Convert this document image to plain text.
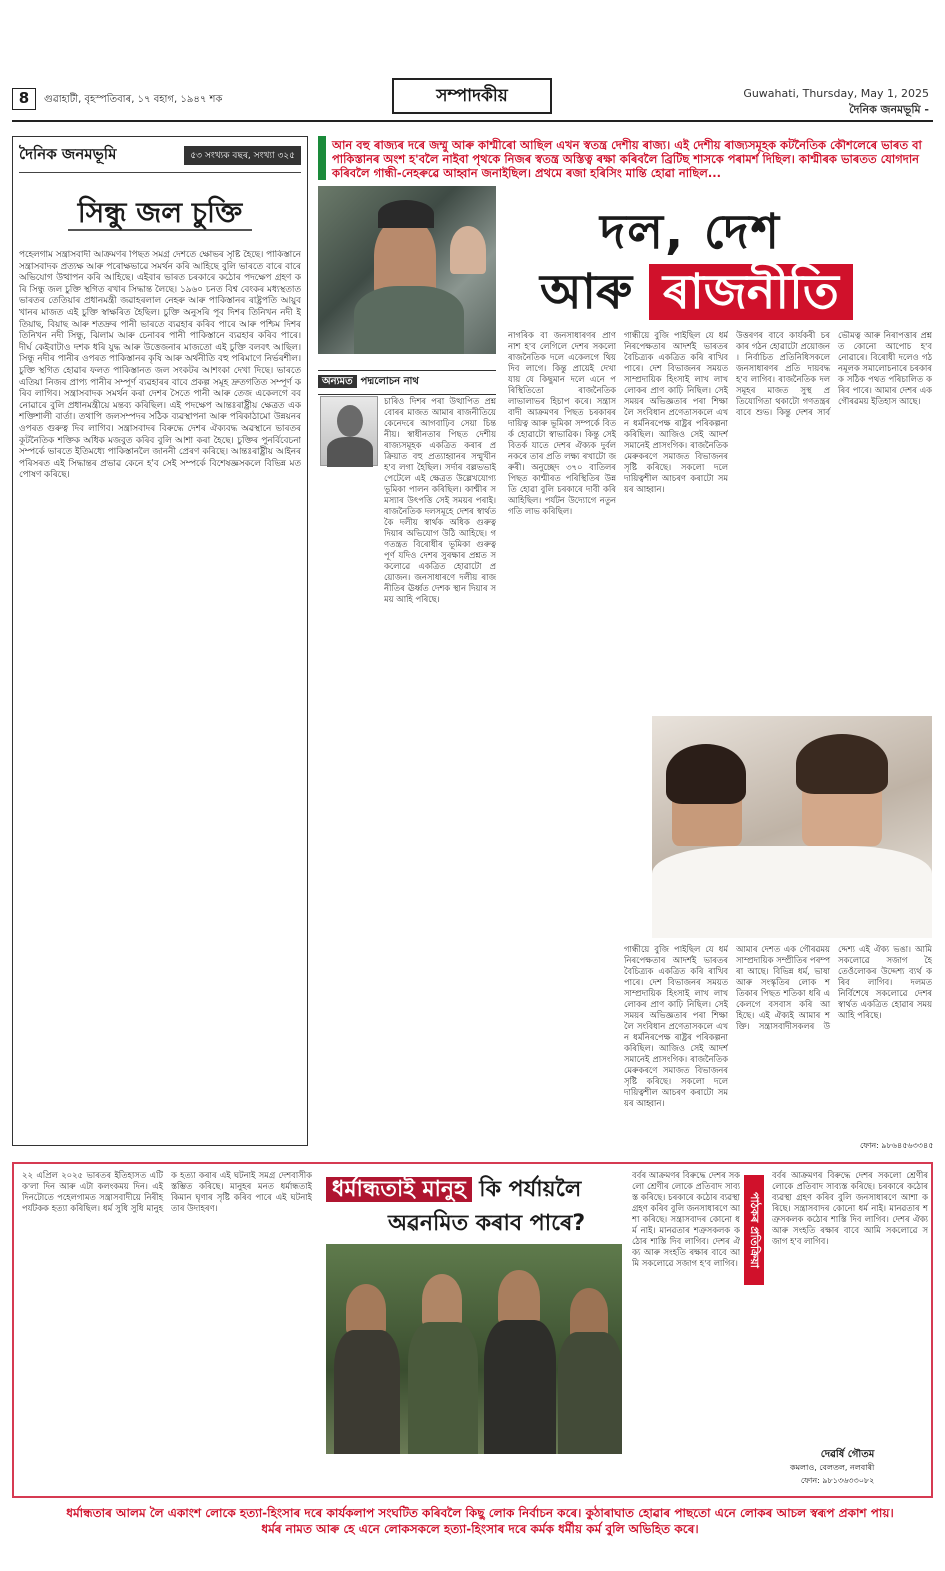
8	গুৱাহাটী, বৃহস্পতিবাৰ, ১৭ বহাগ, ১৯৪৭ শক	সম্পাদকীয়	Guwahati, Thursday, May 1, 2025
দৈনিক জনমভূমি -
দৈনিক জনমভূমি	৫৩ সংখ্যক বছৰ, সংখ্যা ৩২৫
সিন্ধু জল চুক্তি
পহেলগাম সন্ত্ৰাসবাদী আক্ৰমণৰ পিছত সমগ্ৰ দেশতে ক্ষোভৰ সৃষ্টি হৈছে। পাকিস্তানে সন্ত্ৰাসবাদক প্ৰত্যক্ষ আৰু পৰোক্ষভাৱে সমৰ্থন কৰি আহিছে বুলি ভাৰতে বাৰে বাৰে অভিযোগ উত্থাপন কৰি আহিছে। এইবাৰ ভাৰত চৰকাৰে কঠোৰ পদক্ষেপ গ্ৰহণ কৰি সিন্ধু জল চুক্তি স্থগিত ৰখাৰ সিদ্ধান্ত লৈছে। ১৯৬০ চনত বিশ্ব বেংকৰ মধ্যস্থতাত ভাৰতৰ তেতিয়াৰ প্ৰধানমন্ত্ৰী জৱাহৰলাল নেহৰু আৰু পাকিস্তানৰ ৰাষ্ট্ৰপতি আয়ুব খানৰ মাজত এই চুক্তি স্বাক্ষৰিত হৈছিল। চুক্তি অনুসৰি পূব দিশৰ তিনিখন নদী ইতিয়াছ, বিয়াছ আৰু শতদ্ৰুৰ পানী ভাৰতে ব্যৱহাৰ কৰিব পাৰে আৰু পশ্চিম দিশৰ তিনিখন নদী সিন্ধু, ঝিলাম আৰু চেনাবৰ পানী পাকিস্তানে ব্যৱহাৰ কৰিব পাৰে। দীৰ্ঘ কেইবাটাও দশক ধৰি যুদ্ধ আৰু উত্তেজনাৰ মাজতো এই চুক্তি বলবৎ আছিল। সিন্ধু নদীৰ পানীৰ ওপৰত পাকিস্তানৰ কৃষি আৰু অৰ্থনীতি বহু পৰিমাণে নিৰ্ভৰশীল। চুক্তি স্থগিত হোৱাৰ ফলত পাকিস্তানত জল সংকটৰ আশংকা দেখা দিছে। ভাৰতে এতিয়া নিজৰ প্ৰাপ্য পানীৰ সম্পূৰ্ণ ব্যৱহাৰৰ বাবে প্ৰকল্প সমূহ দ্ৰুতগতিত সম্পূৰ্ণ কৰিব লাগিব। সন্ত্ৰাসবাদক সমৰ্থন কৰা দেশৰ সৈতে পানী আৰু তেজ একেলগে বব নোৱাৰে বুলি প্ৰধানমন্ত্ৰীয়ে মন্তব্য কৰিছিল। এই পদক্ষেপ আন্তঃৰাষ্ট্ৰীয় ক্ষেত্ৰত এক শক্তিশালী বাৰ্তা। তথাপি জলসম্পদৰ সঠিক ব্যৱস্থাপনা আৰু পৰিকাঠামো উন্নয়নৰ ওপৰত গুৰুত্ব দিব লাগিব। সন্ত্ৰাসবাদৰ বিৰুদ্ধে দেশৰ ঐক্যবদ্ধ অৱস্থানে ভাৰতৰ কূটনৈতিক শক্তিক অধিক মজবুত কৰিব বুলি আশা কৰা হৈছে। চুক্তিৰ পুনৰ্বিবেচনা সম্পৰ্কে ভাৰতে ইতিমধ্যে পাকিস্তানলৈ জাননী প্ৰেৰণ কৰিছে। আন্তঃৰাষ্ট্ৰীয় আইনৰ পৰিসৰত এই সিদ্ধান্তৰ প্ৰভাৱ কেনে হ'ব সেই সম্পৰ্কে বিশেষজ্ঞসকলে বিভিন্ন মত পোষণ কৰিছে।
আন বহু ৰাজ্যৰ দৰে জম্মু আৰু কাশ্মীৰো আছিল এখন স্বতন্ত্ৰ দেশীয় ৰাজ্য। এই দেশীয় ৰাজ্যসমূহক কটনৈতিক কৌশলেৰে ভাৰত বা পাকিস্তানৰ অংশ হ'বলৈ নাইবা পৃথকে নিজৰ স্বতন্ত্ৰ অস্তিত্ব ৰক্ষা কৰিবলৈ ব্ৰিটিছ শাসকে পৰামৰ্শ দিছিল। কাশ্মীৰক ভাৰতত যোগদান কৰিবলৈ গান্ধী-নেহৰুৱে আহ্বান জনাইছিল। প্ৰথমে ৰজা হৰিসিং মান্তি হোৱা নাছিল...
দল, দেশ
আৰু ৰাজনীতি
অন্যমত পদ্মলোচন নাথ
চাৰিও দিশৰ পৰা উত্থাপিত প্ৰশ্নবোৰৰ মাজত আমাৰ ৰাজনীতিয়ে কেনেদৰে আগবাঢ়িব সেয়া চিন্তনীয়। স্বাধীনতাৰ পিছত দেশীয় ৰাজ্যসমূহক একত্ৰিত কৰাৰ প্ৰক্ৰিয়াত বহু প্ৰত্যাহ্বানৰ সন্মুখীন হ'ব লগা হৈছিল। সৰ্দাৰ বল্লভভাই পেটেলে এই ক্ষেত্ৰত উল্লেখযোগ্য ভূমিকা পালন কৰিছিল। কাশ্মীৰ সমস্যাৰ উৎপত্তি সেই সময়ৰ পৰাই। ৰাজনৈতিক দলসমূহে দেশৰ স্বাৰ্থতকৈ দলীয় স্বাৰ্থক অধিক গুৰুত্ব দিয়াৰ অভিযোগ উঠি আহিছে। গণতন্ত্ৰত বিৰোধীৰ ভূমিকা গুৰুত্বপূৰ্ণ যদিও দেশৰ সুৰক্ষাৰ প্ৰশ্নত সকলোৱে একত্ৰিত হোৱাটো প্ৰয়োজন। জনসাধাৰণে দলীয় ৰাজনীতিৰ ঊৰ্ধ্বত দেশক স্থান দিয়াৰ সময় আহি পৰিছে।
নাগৰিক বা জনসাধাৰণৰ প্ৰাণ নাশ হ'ব লেগিলে দেশৰ সকলো ৰাজনৈতিক দলে একেলগে থিয় দিব লাগে। কিন্তু প্ৰায়েই দেখা যায় যে কিছুমান দলে এনে পৰিস্থিতিতো ৰাজনৈতিক লাভালাভৰ হিচাপ কৰে। সন্ত্ৰাসবাদী আক্ৰমণৰ পিছত চৰকাৰৰ দায়িত্ব আৰু ভূমিকা সম্পৰ্কে বিতৰ্ক হোৱাটো স্বাভাৱিক। কিন্তু সেই বিতৰ্ক যাতে দেশৰ ঐক্যক দুৰ্বল নকৰে তাৰ প্ৰতি লক্ষ্য ৰখাটো জৰুৰী। অনুচ্ছেদ ৩৭০ বাতিলৰ পিছত কাশ্মীৰত পৰিস্থিতিৰ উন্নতি হোৱা বুলি চৰকাৰে দাবী কৰি আহিছিল। পৰ্যটন উদ্যোগে নতুন গতি লাভ কৰিছিল।
গান্ধীয়ে বুজি পাইছিল যে ধৰ্মনিৰপেক্ষতাৰ আদৰ্শই ভাৰতৰ বৈচিত্ৰ্যক একত্ৰিত কৰি ৰাখিব পাৰে। দেশ বিভাজনৰ সময়ত সাম্প্ৰদায়িক হিংসাই লাখ লাখ লোকৰ প্ৰাণ কাঢ়ি নিছিল। সেই সময়ৰ অভিজ্ঞতাৰ পৰা শিক্ষা লৈ সংবিধান প্ৰণেতাসকলে এখন ধৰ্মনিৰপেক্ষ ৰাষ্ট্ৰৰ পৰিকল্পনা কৰিছিল। আজিও সেই আদৰ্শ সমানেই প্ৰাসংগিক। ৰাজনৈতিক মেৰুকৰণে সমাজত বিভাজনৰ সৃষ্টি কৰিছে। সকলো দলে দায়িত্বশীল আচৰণ কৰাটো সময়ৰ আহ্বান।
উত্তৰণৰ বাবে কাৰ্যকৰী চৰকাৰ গঠন হোৱাটো প্ৰয়োজন। নিৰ্বাচিত প্ৰতিনিধিসকলে জনসাধাৰণৰ প্ৰতি দায়বদ্ধ হ'ব লাগিব। ৰাজনৈতিক দলসমূহৰ মাজত সুস্থ প্ৰতিযোগিতা থকাটো গণতন্ত্ৰৰ বাবে শুভ। কিন্তু দেশৰ সাৰ্বভৌমত্ব আৰু নিৰাপত্তাৰ প্ৰশ্নত কোনো আপোচ হ'ব নোৱাৰে। বিৰোধী দলেও গঠনমূলক সমালোচনাৰে চৰকাৰক সঠিক পথত পৰিচালিত কৰিব পাৰে। আমাৰ দেশৰ এক গৌৰৱময় ইতিহাস আছে।
গান্ধীয়ে বুজি পাইছিল যে ধৰ্মনিৰপেক্ষতাৰ আদৰ্শই ভাৰতৰ বৈচিত্ৰ্যক একত্ৰিত কৰি ৰাখিব পাৰে। দেশ বিভাজনৰ সময়ত সাম্প্ৰদায়িক হিংসাই লাখ লাখ লোকৰ প্ৰাণ কাঢ়ি নিছিল। সেই সময়ৰ অভিজ্ঞতাৰ পৰা শিক্ষা লৈ সংবিধান প্ৰণেতাসকলে এখন ধৰ্মনিৰপেক্ষ ৰাষ্ট্ৰৰ পৰিকল্পনা কৰিছিল। আজিও সেই আদৰ্শ সমানেই প্ৰাসংগিক। ৰাজনৈতিক মেৰুকৰণে সমাজত বিভাজনৰ সৃষ্টি কৰিছে। সকলো দলে দায়িত্বশীল আচৰণ কৰাটো সময়ৰ আহ্বান।
আমাৰ দেশত এক গৌৰৱময় সাম্প্ৰদায়িক সম্প্ৰীতিৰ পৰম্পৰা আছে। বিভিন্ন ধৰ্ম, ভাষা আৰু সংস্কৃতিৰ লোক শতিকাৰ পিছত শতিকা ধৰি একেলগে বসবাস কৰি আহিছে। এই ঐক্যই আমাৰ শক্তি। সন্ত্ৰাসবাদীসকলৰ উদ্দেশ্য এই ঐক্য ভঙা। আমি সকলোৱে সজাগ হৈ তেওঁলোকৰ উদ্দেশ্য ব্যৰ্থ কৰিব লাগিব। দলমত নিৰ্বিশেষে সকলোৱে দেশৰ স্বাৰ্থত একত্ৰিত হোৱাৰ সময় আহি পৰিছে।
ফোন: ৯৮৬৪৫৬৩৩৪৫
২২ এপ্ৰিল ২০২৫ ভাৰতৰ ইতিহাসত এটি ক'লা দিন আৰু এটা কলংকময় দিন। এই দিনটোতে পহেলগামত সন্ত্ৰাসবাদীয়ে নিৰীহ পৰ্যটকক হত্যা কৰিছিল। ধৰ্ম সুধি সুধি মানুহক হত্যা কৰাৰ এই ঘটনাই সমগ্ৰ দেশবাসীক স্তম্ভিত কৰিছে। মানুহৰ মনত ধৰ্মান্ধতাই কিমান ঘৃণাৰ সৃষ্টি কৰিব পাৰে এই ঘটনাই তাৰ উদাহৰণ।
ধৰ্মান্ধতাই মানুহ কি পৰ্যায়লৈ
অৱনমিত কৰাব পাৰে?	পাঠকৰ প্ৰতিক্ৰিয়া
বৰ্বৰ আক্ৰমণৰ বিৰুদ্ধে দেশৰ সকলো শ্ৰেণীৰ লোকে প্ৰতিবাদ সাব্যস্ত কৰিছে। চৰকাৰে কঠোৰ ব্যৱস্থা গ্ৰহণ কৰিব বুলি জনসাধাৰণে আশা কৰিছে। সন্ত্ৰাসবাদৰ কোনো ধৰ্ম নাই। মানৱতাৰ শত্ৰুসকলক কঠোৰ শাস্তি দিব লাগিব। দেশৰ ঐক্য আৰু সংহতি ৰক্ষাৰ বাবে আমি সকলোৱে সজাগ হ'ব লাগিব।
বৰ্বৰ আক্ৰমণৰ বিৰুদ্ধে দেশৰ সকলো শ্ৰেণীৰ লোকে প্ৰতিবাদ সাব্যস্ত কৰিছে। চৰকাৰে কঠোৰ ব্যৱস্থা গ্ৰহণ কৰিব বুলি জনসাধাৰণে আশা কৰিছে। সন্ত্ৰাসবাদৰ কোনো ধৰ্ম নাই। মানৱতাৰ শত্ৰুসকলক কঠোৰ শাস্তি দিব লাগিব। দেশৰ ঐক্য আৰু সংহতি ৰক্ষাৰ বাবে আমি সকলোৱে সজাগ হ'ব লাগিব।
দেৱৰ্ষি গৌতম
কমলাও, বেলতল, নলবাৰী
ফোন: ৯৮১৩৬৩৩০৮২
ধৰ্মান্ধতাৰ আলম লৈ একাংশ লোকে হত্যা-হিংসাৰ দৰে কাৰ্যকলাপ সংঘটিত কৰিবলৈ কিছু লোক নিৰ্বাচন কৰে। কুঠাৰাঘাত হোৱাৰ পাছতো এনে লোকৰ আচল স্বৰূপ প্ৰকাশ পায়। ধৰ্মৰ নামত আৰু হে এনে লোকসকলে হত্যা-হিংসাৰ দৰে কৰ্মক ধৰ্মীয় কৰ্ম বুলি অভিহিত কৰে।
